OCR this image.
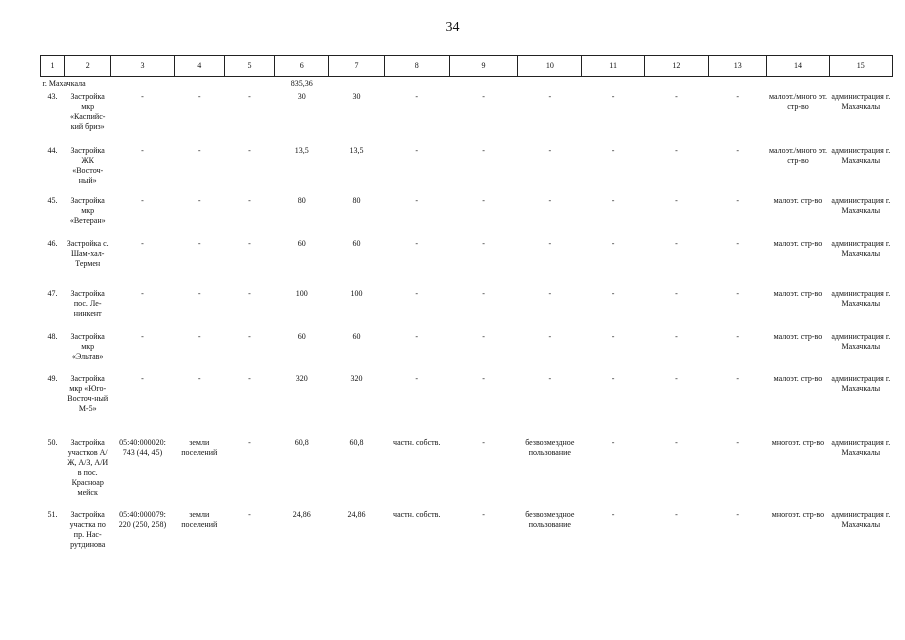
34
1	2	3	4	5	6	7	8	9	10	11	12	13	14	15
г. Махачкала					835,36									
43.	Застройка мкр «Каспийс-кий бриз»	-	-	-	30	30	-	-	-	-	-	-	малоэт./много эт. стр-во	администрация г. Махачкалы
44.	Застройка ЖК «Восточ-ный»	-	-	-	13,5	13,5	-	-	-	-	-	-	малоэт./много эт. стр-во	администрация г. Махачкалы
45.	Застройка мкр «Ветеран»	-	-	-	80	80	-	-	-	-	-	-	малоэт. стр-во	администрация г. Махачкалы
46.	Застройка с. Шам-хал-Термен	-	-	-	60	60	-	-	-	-	-	-	малоэт. стр-во	администрация г. Махачкалы
47.	Застройка пос. Ле-нинкент	-	-	-	100	100	-	-	-	-	-	-	малоэт. стр-во	администрация г. Махачкалы
48.	Застройка мкр «Эльтав»	-	-	-	60	60	-	-	-	-	-	-	малоэт. стр-во	администрация г. Махачкалы
49.	Застройка мкр «Юго-Восточ-ный М-5»	-	-	-	320	320	-	-	-	-	-	-	малоэт. стр-во	администрация г. Махачкалы
50.	Застройка участков А/Ж, А/З, А/И в пос. Красноар мейск	05:40:000020: 743 (44, 45)	земли поселений	-	60,8	60,8	частн. собств.	-	безвозмездное пользование	-	-	-	многоэт. стр-во	администрация г. Махачкалы
51.	Застройка участка по пр. Нас-рутдинова	05:40:000079: 220 (250, 258)	земли поселений	-	24,86	24,86	частн. собств.	-	безвозмездное пользование	-	-	-	многоэт. стр-во	администрация г. Махачкалы
